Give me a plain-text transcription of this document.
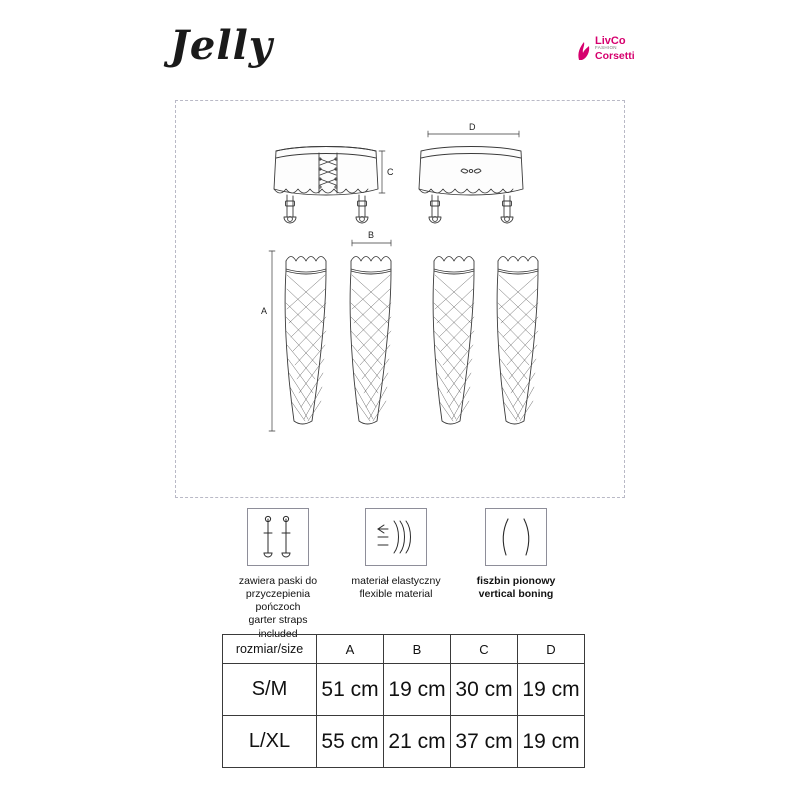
Jelly	LivCo
FASHION
Corsetti
C
D
B
A
zawiera paski do
przyczepienia pończoch
garter straps included
materiał elastyczny
flexible material
fiszbin pionowy
vertical boning
rozmiar/size	A	B	C	D
S/M	51 cm	19 cm	30 cm	19 cm
L/XL	55 cm	21 cm	37 cm	19 cm
